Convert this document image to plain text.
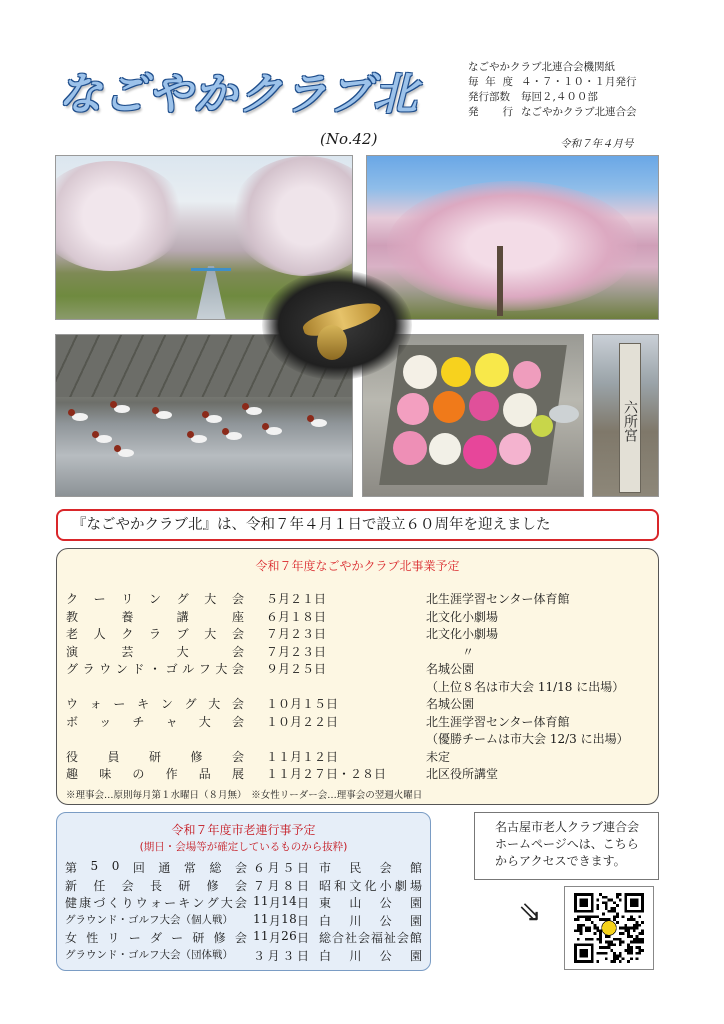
なごやかクラブ北
なごやかクラブ北連合会機関紙
毎 年 度 ４・７・１０・１月発行
発行部数 毎回２,４００部
発 行 なごやかクラブ北連合会
(No.42)	令和７年４月号
六所宮
『なごやかクラブ北』は、令和７年４月１日で設立６０周年を迎えました
令和７年度なごやかクラブ北事業予定
ク ー リ ン グ 大 会 ５月２１日	北生涯学習センター体育館
教	養	講	座 ６月１８日	北文化小劇場
老 人 ク ラ ブ 大 会 ７月２３日	北文化小劇場
演	芸	大	会 ７月２３日	　　　〃
グ ラ ウ ン ド ・ ゴ ル フ 大 会 ９月２５日	名城公園
（上位８名は市大会 11/18 に出場）
ウ ォ ー キ ン グ 大 会 １０月１５日	名城公園
ボ ッ チ ャ 大 会 １０月２２日	北生涯学習センター体育館
（優勝チームは市大会 12/3 に出場）
役 員 研 修 会 １１月１２日	未定
趣 味 の 作 品 展 １１月２７日・２８日	北区役所講堂
※理事会…原則毎月第１水曜日（８月無）　※女性リーダー会…理事会の翌週火曜日
令和７年度市老連行事予定
(期日・会場等が確定しているものから抜粋)
第 5 0 回 通 常 総 会 ６ 月 ５ 日 市 民 会 館
新 任 会 長 研 修 会 ７ 月 ８ 日 昭 和 文 化 小 劇 場
健 康 づ く り ウ ォ ー キ ン グ 大 会 1 1 月 1 4 日 東 山 公 園
グラウンド・ゴルフ大会（個人戦）	1 1 月 1 8 日 白 川 公 園
女 性 リ ー ダ ー 研 修 会 1 1 月 2 6 日 総 合 社 会 福 祉 会 館
グラウンド・ゴルフ大会（団体戦）	３ 月 ３ 日 白 川 公 園
名古屋市老人クラブ連合会
ホームページへは、こちら
からアクセスできます。
⇘
